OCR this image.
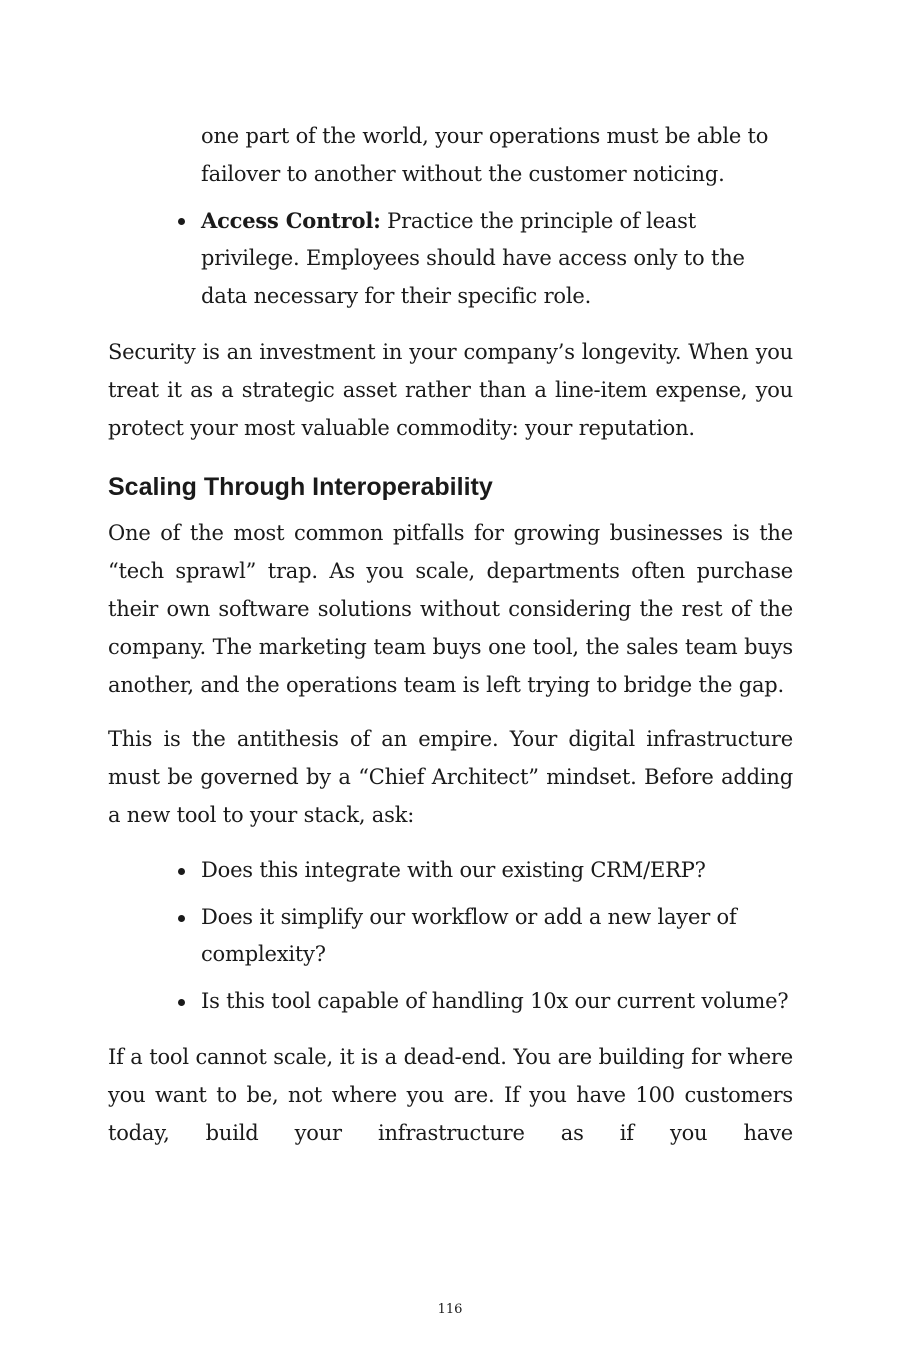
one part of the world, your operations must be able to failover to another without the customer noticing.

Access Control: Practice the principle of least privilege. Employees should have access only to the data necessary for their specific role.

Security is an investment in your company’s longevity. When you treat it as a strategic asset rather than a line-item expense, you protect your most valuable commodity: your reputation.

Scaling Through Interoperability

One of the most common pitfalls for growing businesses is the “tech sprawl” trap. As you scale, departments often purchase their own software solutions without considering the rest of the company. The marketing team buys one tool, the sales team buys another, and the operations team is left trying to bridge the gap.

This is the antithesis of an empire. Your digital infrastructure must be governed by a “Chief Architect” mindset. Before adding a new tool to your stack, ask:

Does this integrate with our existing CRM/ERP?
Does it simplify our workflow or add a new layer of complexity?
Is this tool capable of handling 10x our current volume?

If a tool cannot scale, it is a dead-end. You are building for where you want to be, not where you are. If you have 100 customers today, build your infrastructure as if you have

116
